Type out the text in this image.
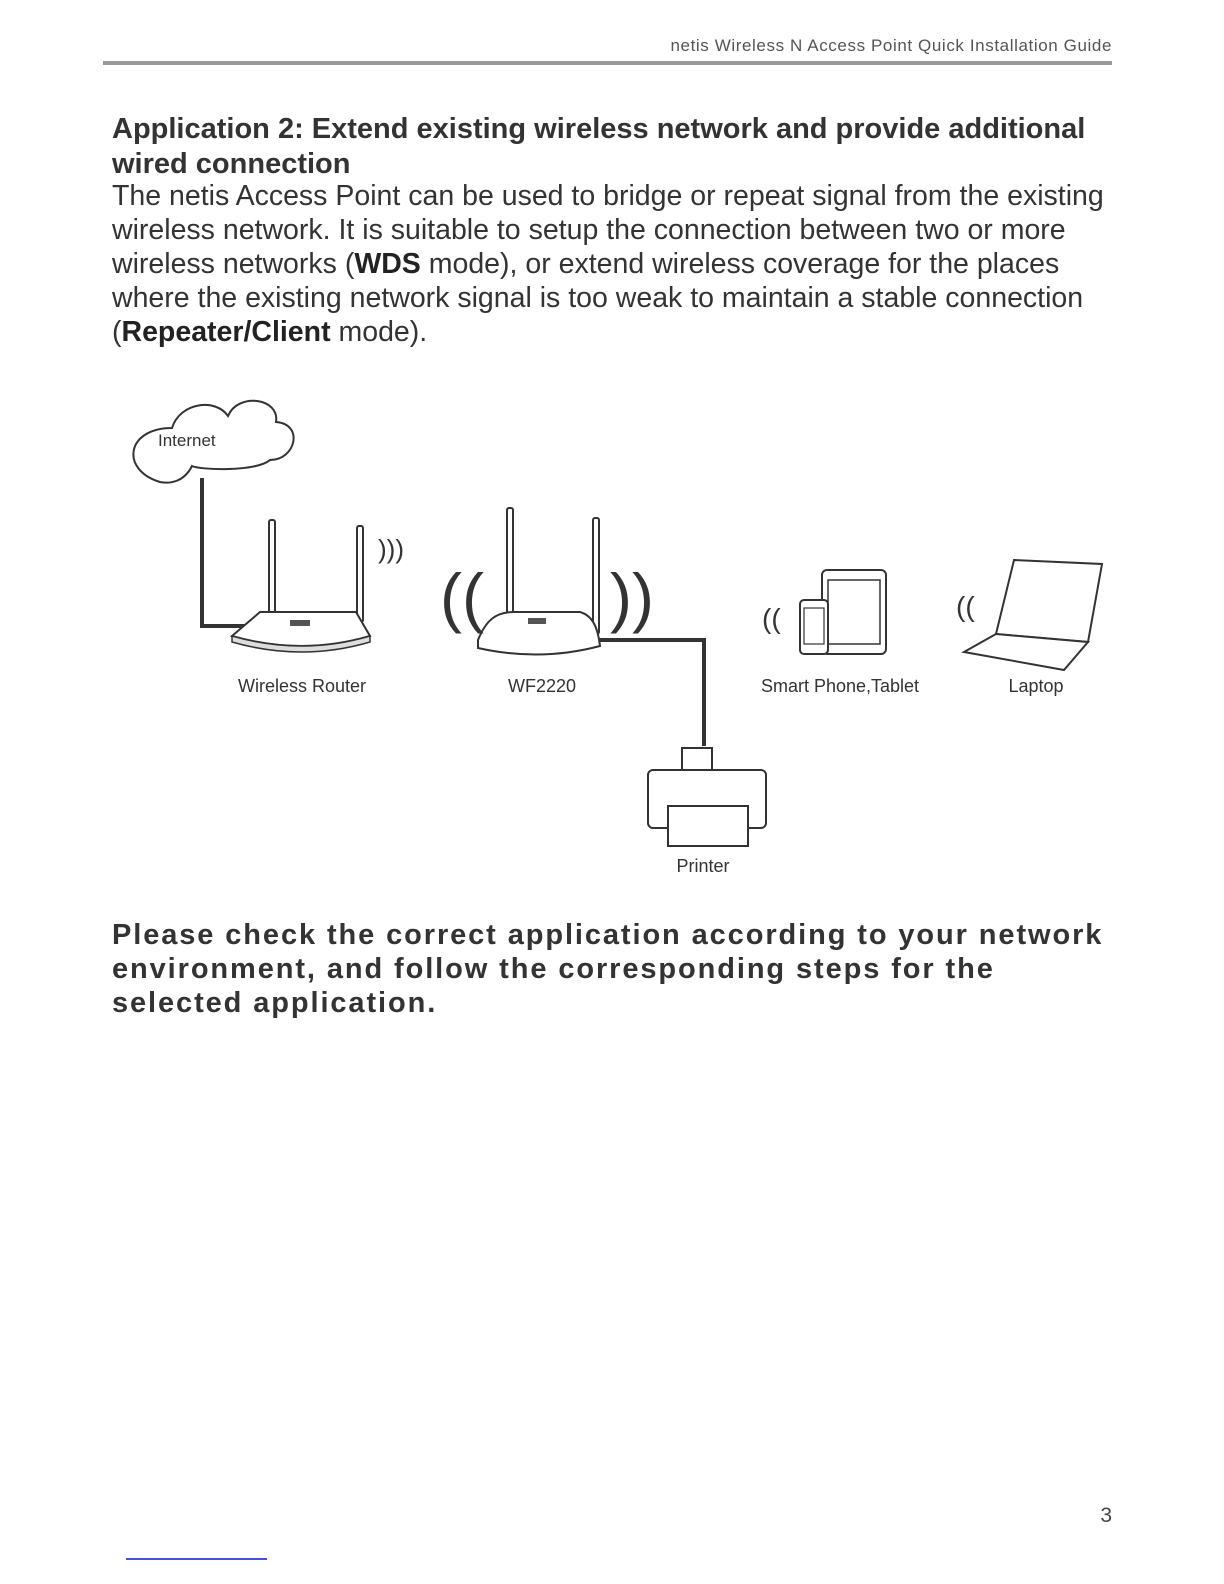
netis Wireless N Access Point Quick Installation Guide
Application 2: Extend existing wireless network and provide additional wired connection

The netis Access Point can be used to bridge or repeat signal from the existing wireless network. It is suitable to setup the connection between two or more wireless networks (WDS mode), or extend wireless coverage for the places where the existing network signal is too weak to maintain a stable connection (Repeater/Client mode).

Internet
)))
(( ))	((	((
Wireless Router	WF2220	Smart Phone,Tablet	Laptop
Printer

Please check the correct application according to your network environment, and follow the corresponding steps for the selected application.

3
